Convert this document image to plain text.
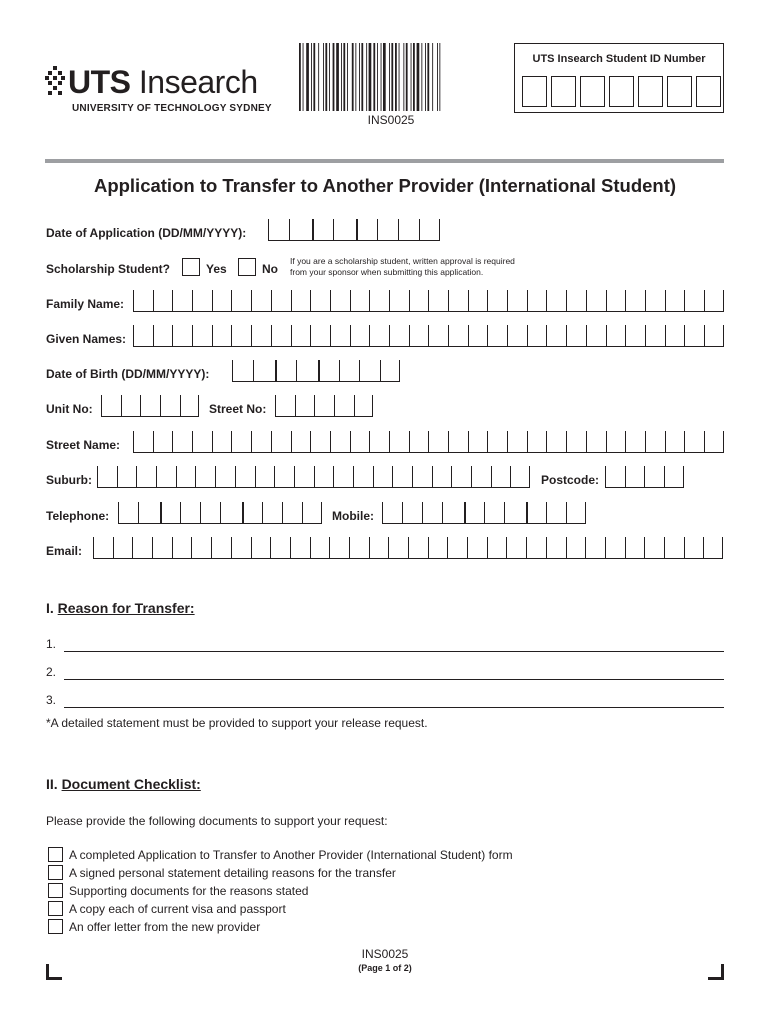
UTS Insearch
UNIVERSITY OF TECHNOLOGY SYDNEY
INS0025
UTS Insearch Student ID Number
Application to Transfer to Another Provider (International Student)
Date of Application (DD/MM/YYYY):
Scholarship Student?	Yes	No
If you are a scholarship student, written approval is required
from your sponsor when submitting this application.
Family Name:
Given Names:
Date of Birth (DD/MM/YYYY):
Unit No:	Street No:
Street Name:
Suburb:	Postcode:
Telephone:	Mobile:
Email:
I. Reason for Transfer:
1.
2.
3.
*A detailed statement must be provided to support your release request.
II. Document Checklist:
Please provide the following documents to support your request:
A completed Application to Transfer to Another Provider (International Student) form
A signed personal statement detailing reasons for the transfer
Supporting documents for the reasons stated
A copy each of current visa and passport
An offer letter from the new provider
INS0025
(Page 1 of 2)
